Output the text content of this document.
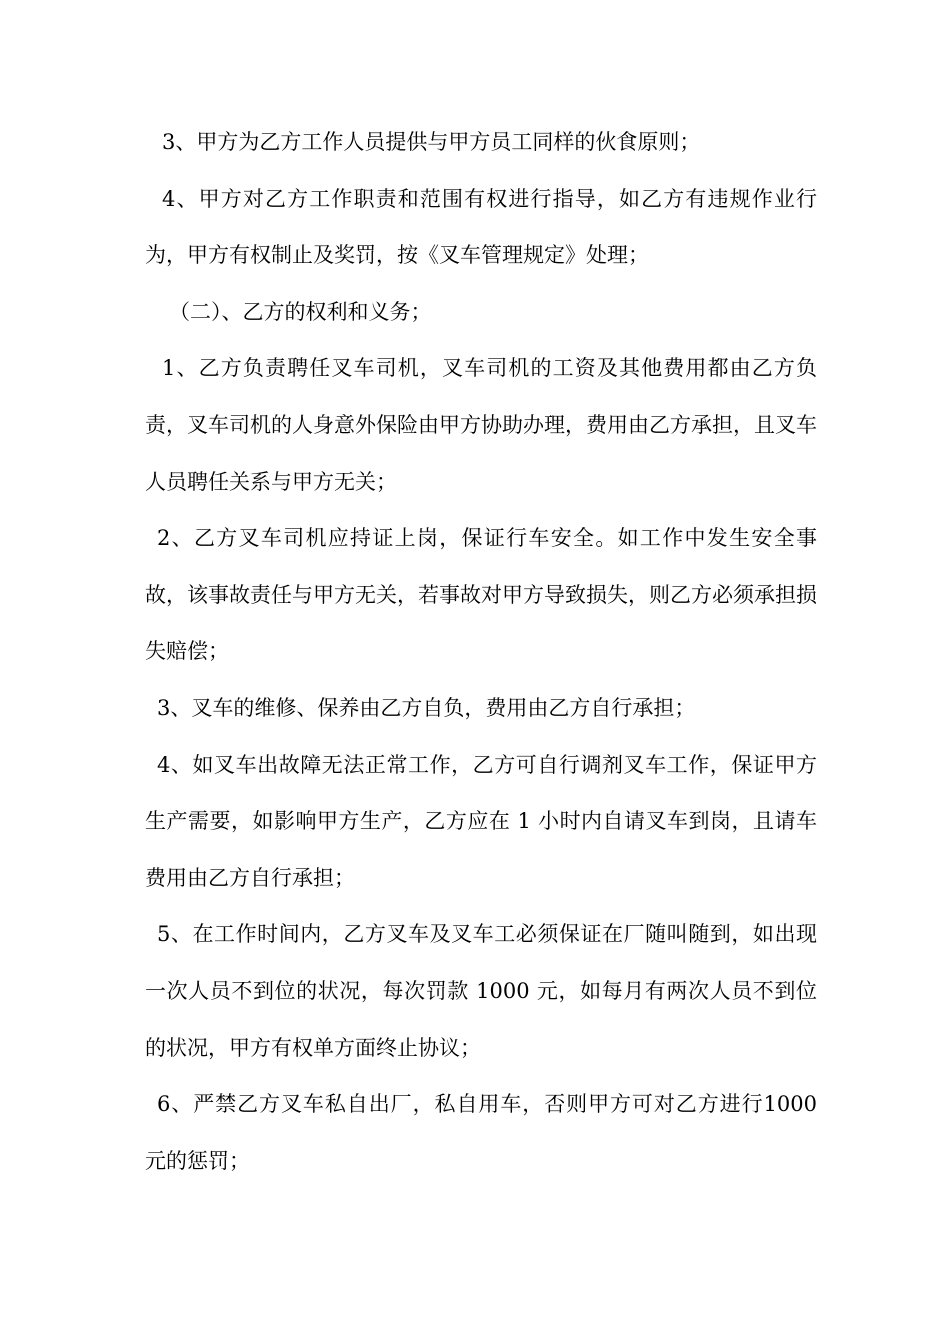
3、甲方为乙方工作人员提供与甲方员工同样的伙食原则；

4、甲方对乙方工作职责和范围有权进行指导，如乙方有违规作业行为，甲方有权制止及奖罚，按《叉车管理规定》处理；

（二）、乙方的权利和义务；

1、乙方负责聘任叉车司机，叉车司机的工资及其他费用都由乙方负责，叉车司机的人身意外保险由甲方协助办理，费用由乙方承担，且叉车人员聘任关系与甲方无关；

2、乙方叉车司机应持证上岗，保证行车安全。如工作中发生安全事故，该事故责任与甲方无关，若事故对甲方导致损失，则乙方必须承担损失赔偿；

3、叉车的维修、保养由乙方自负，费用由乙方自行承担；

4、如叉车出故障无法正常工作，乙方可自行调剂叉车工作，保证甲方生产需要，如影响甲方生产，乙方应在 1 小时内自请叉车到岗，且请车费用由乙方自行承担；

5、在工作时间内，乙方叉车及叉车工必须保证在厂随叫随到，如出现一次人员不到位的状况，每次罚款 1000 元，如每月有两次人员不到位的状况，甲方有权单方面终止协议；

6、严禁乙方叉车私自出厂，私自用车，否则甲方可对乙方进行1000 元的惩罚；
